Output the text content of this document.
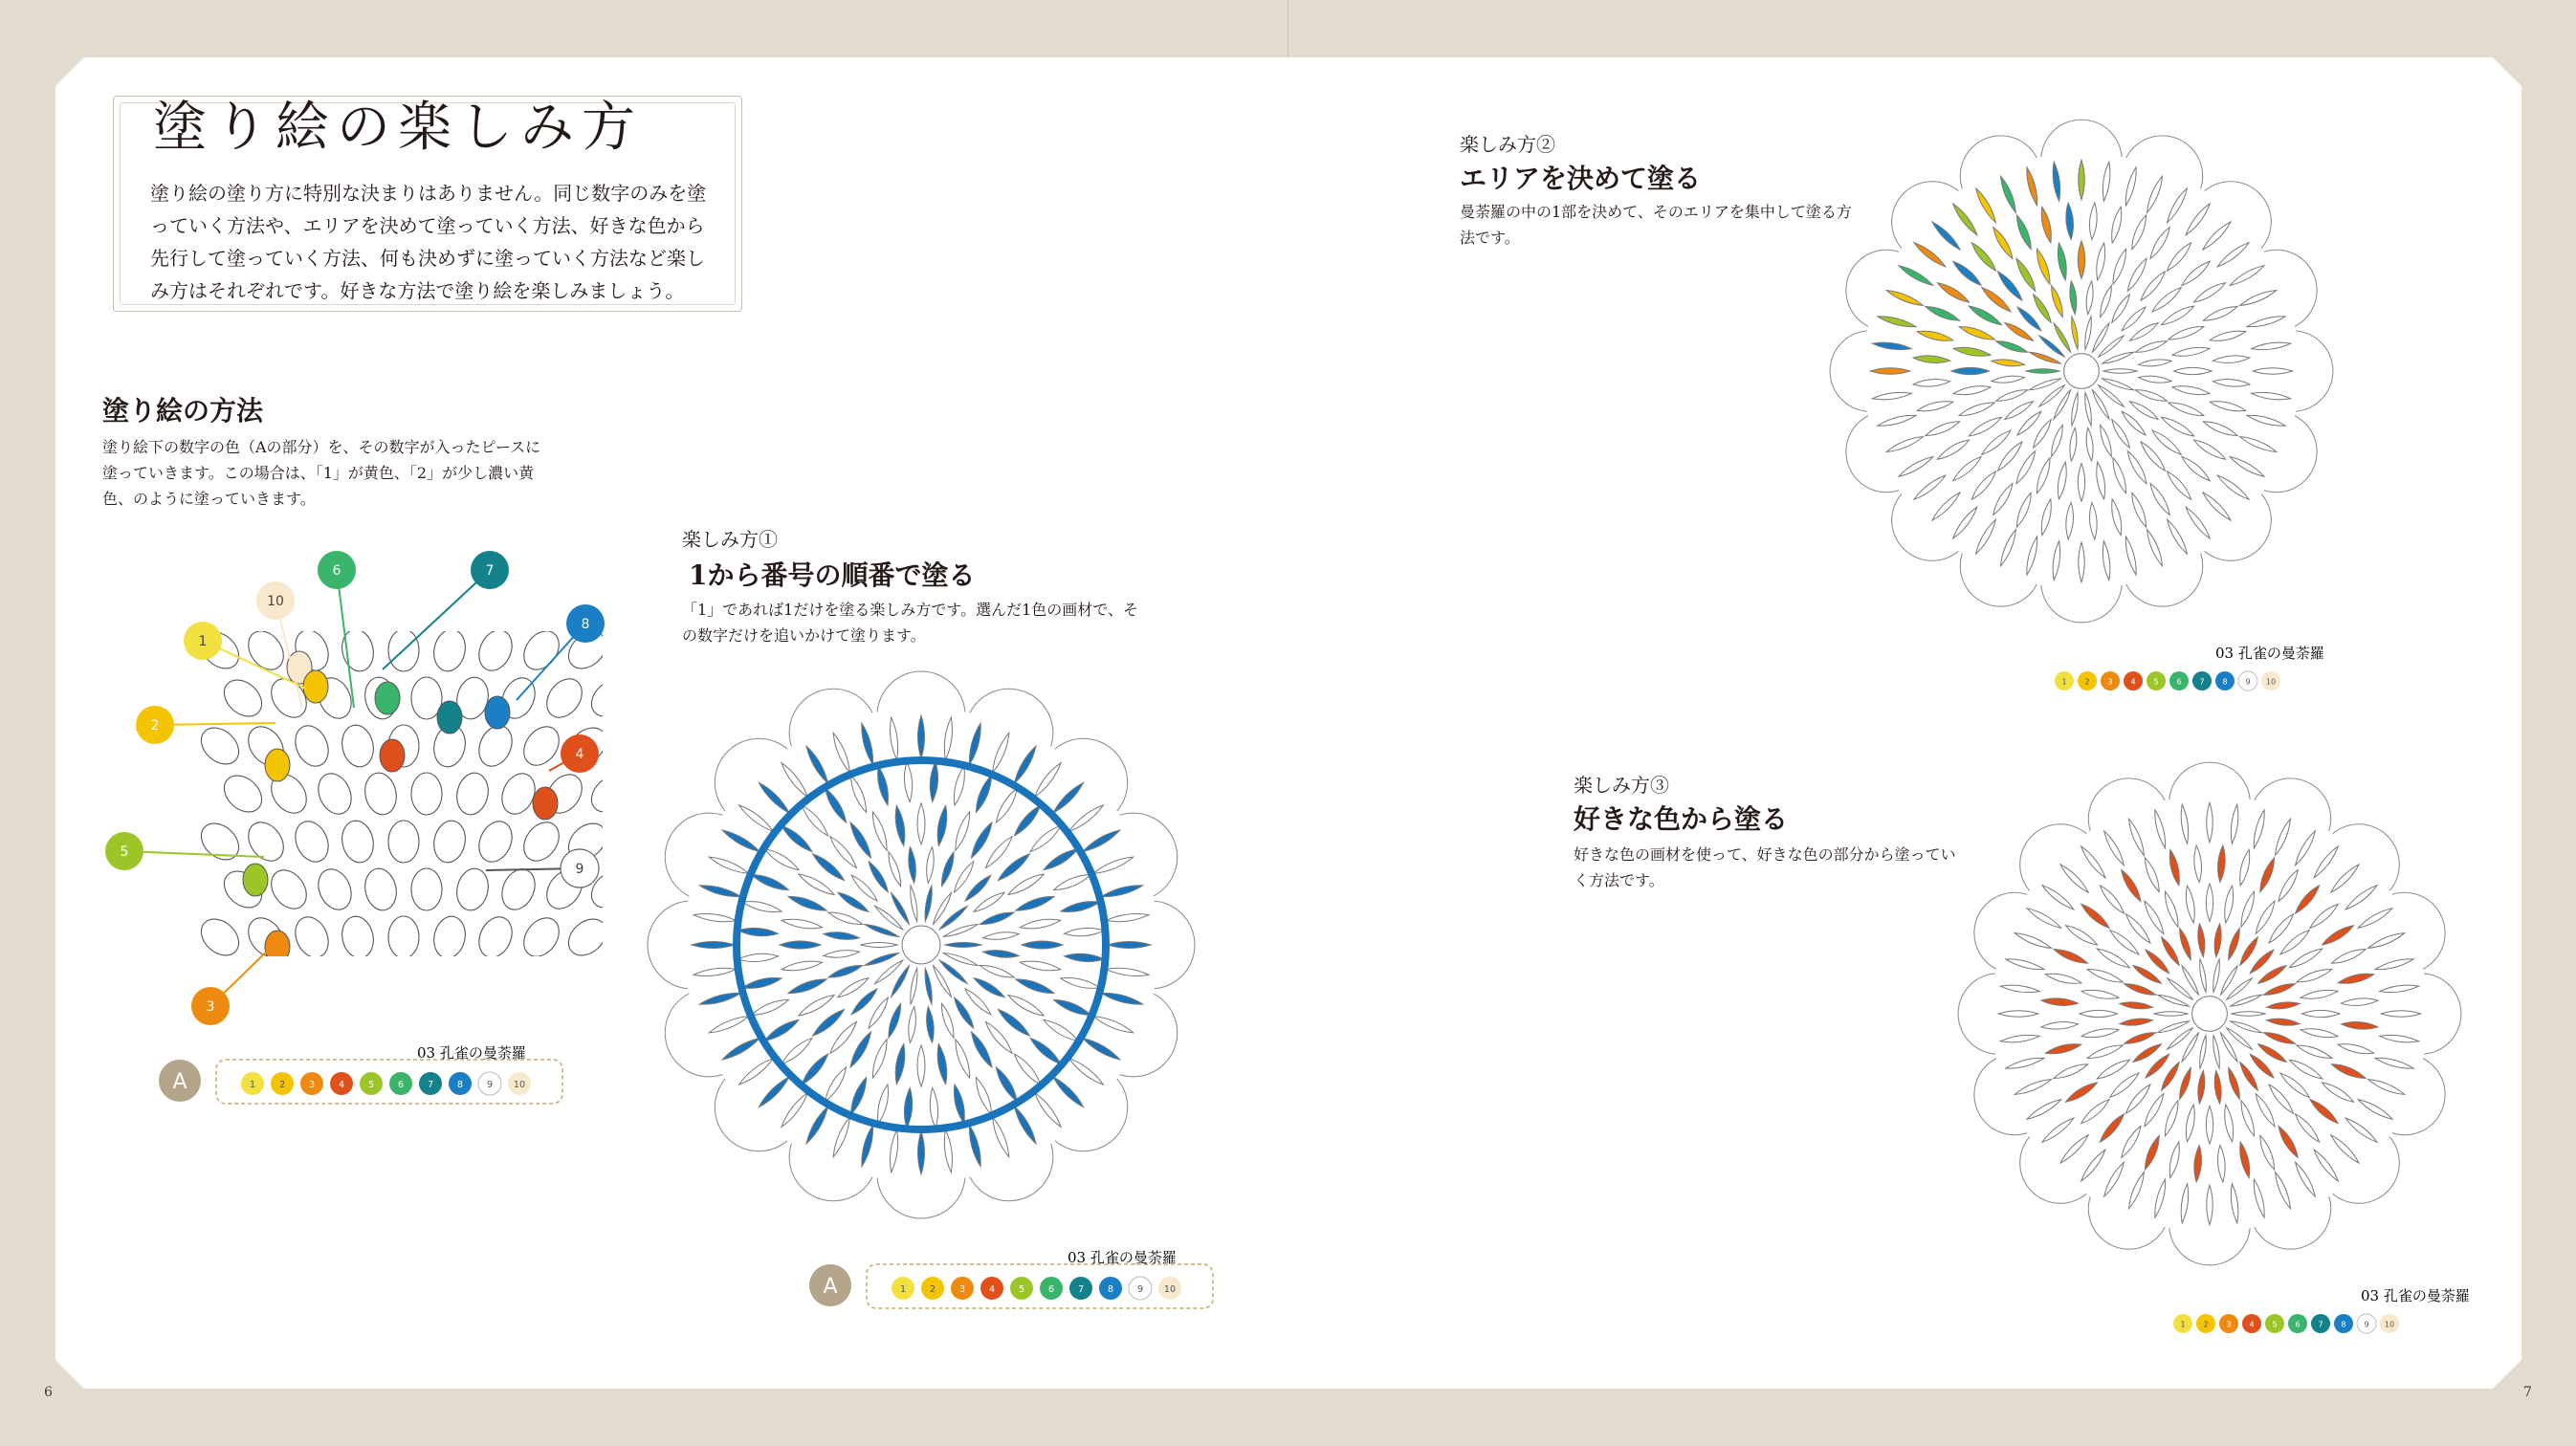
6	7
塗り絵の楽しみ方

塗り絵の塗り方に特別な決まりはありません。同じ数字のみを塗っていく方法や、エリアを決めて塗っていく方法、好きな色から先行して塗っていく方法、何も決めずに塗っていく方法など楽しみ方はそれぞれです。好きな方法で塗り絵を楽しみましょう。

塗り絵の方法

塗り絵下の数字の色（Aの部分）を、その数字が入ったピースに塗っていきます。この場合は、「1」が黄色、「2」が少し濃い黄色、のように塗っていきます。

10
6	7
8
1
2
4
5
9
3
A
03 孔雀の曼荼羅
1	2	3	4	5	6	7	8	9 10

楽しみ方①

1から番号の順番で塗る

「1」であれば1だけを塗る楽しみ方です。選んだ1色の画材で、その数字だけを追いかけて塗ります。

A
03 孔雀の曼荼羅
1	2	3	4	5	6	7	8	9 10

楽しみ方②

エリアを決めて塗る

曼荼羅の中の1部を決めて、そのエリアを集中して塗る方法です。

03 孔雀の曼荼羅
1 2 3 4 5 6 7 8 9 10

楽しみ方③

好きな色から塗る

好きな色の画材を使って、好きな色の部分から塗っていく方法です。

03 孔雀の曼荼羅
1 2 3 4 5 6 7 8 9 10
